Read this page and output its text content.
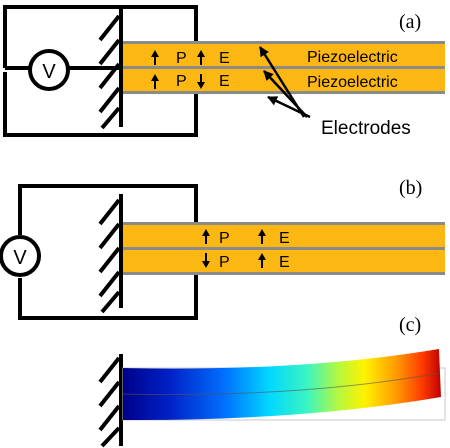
(a)
V
P E
P E
Piezoelectric
Piezoelectric
Electrodes
(b)
V
P	E
P	E
(c)
